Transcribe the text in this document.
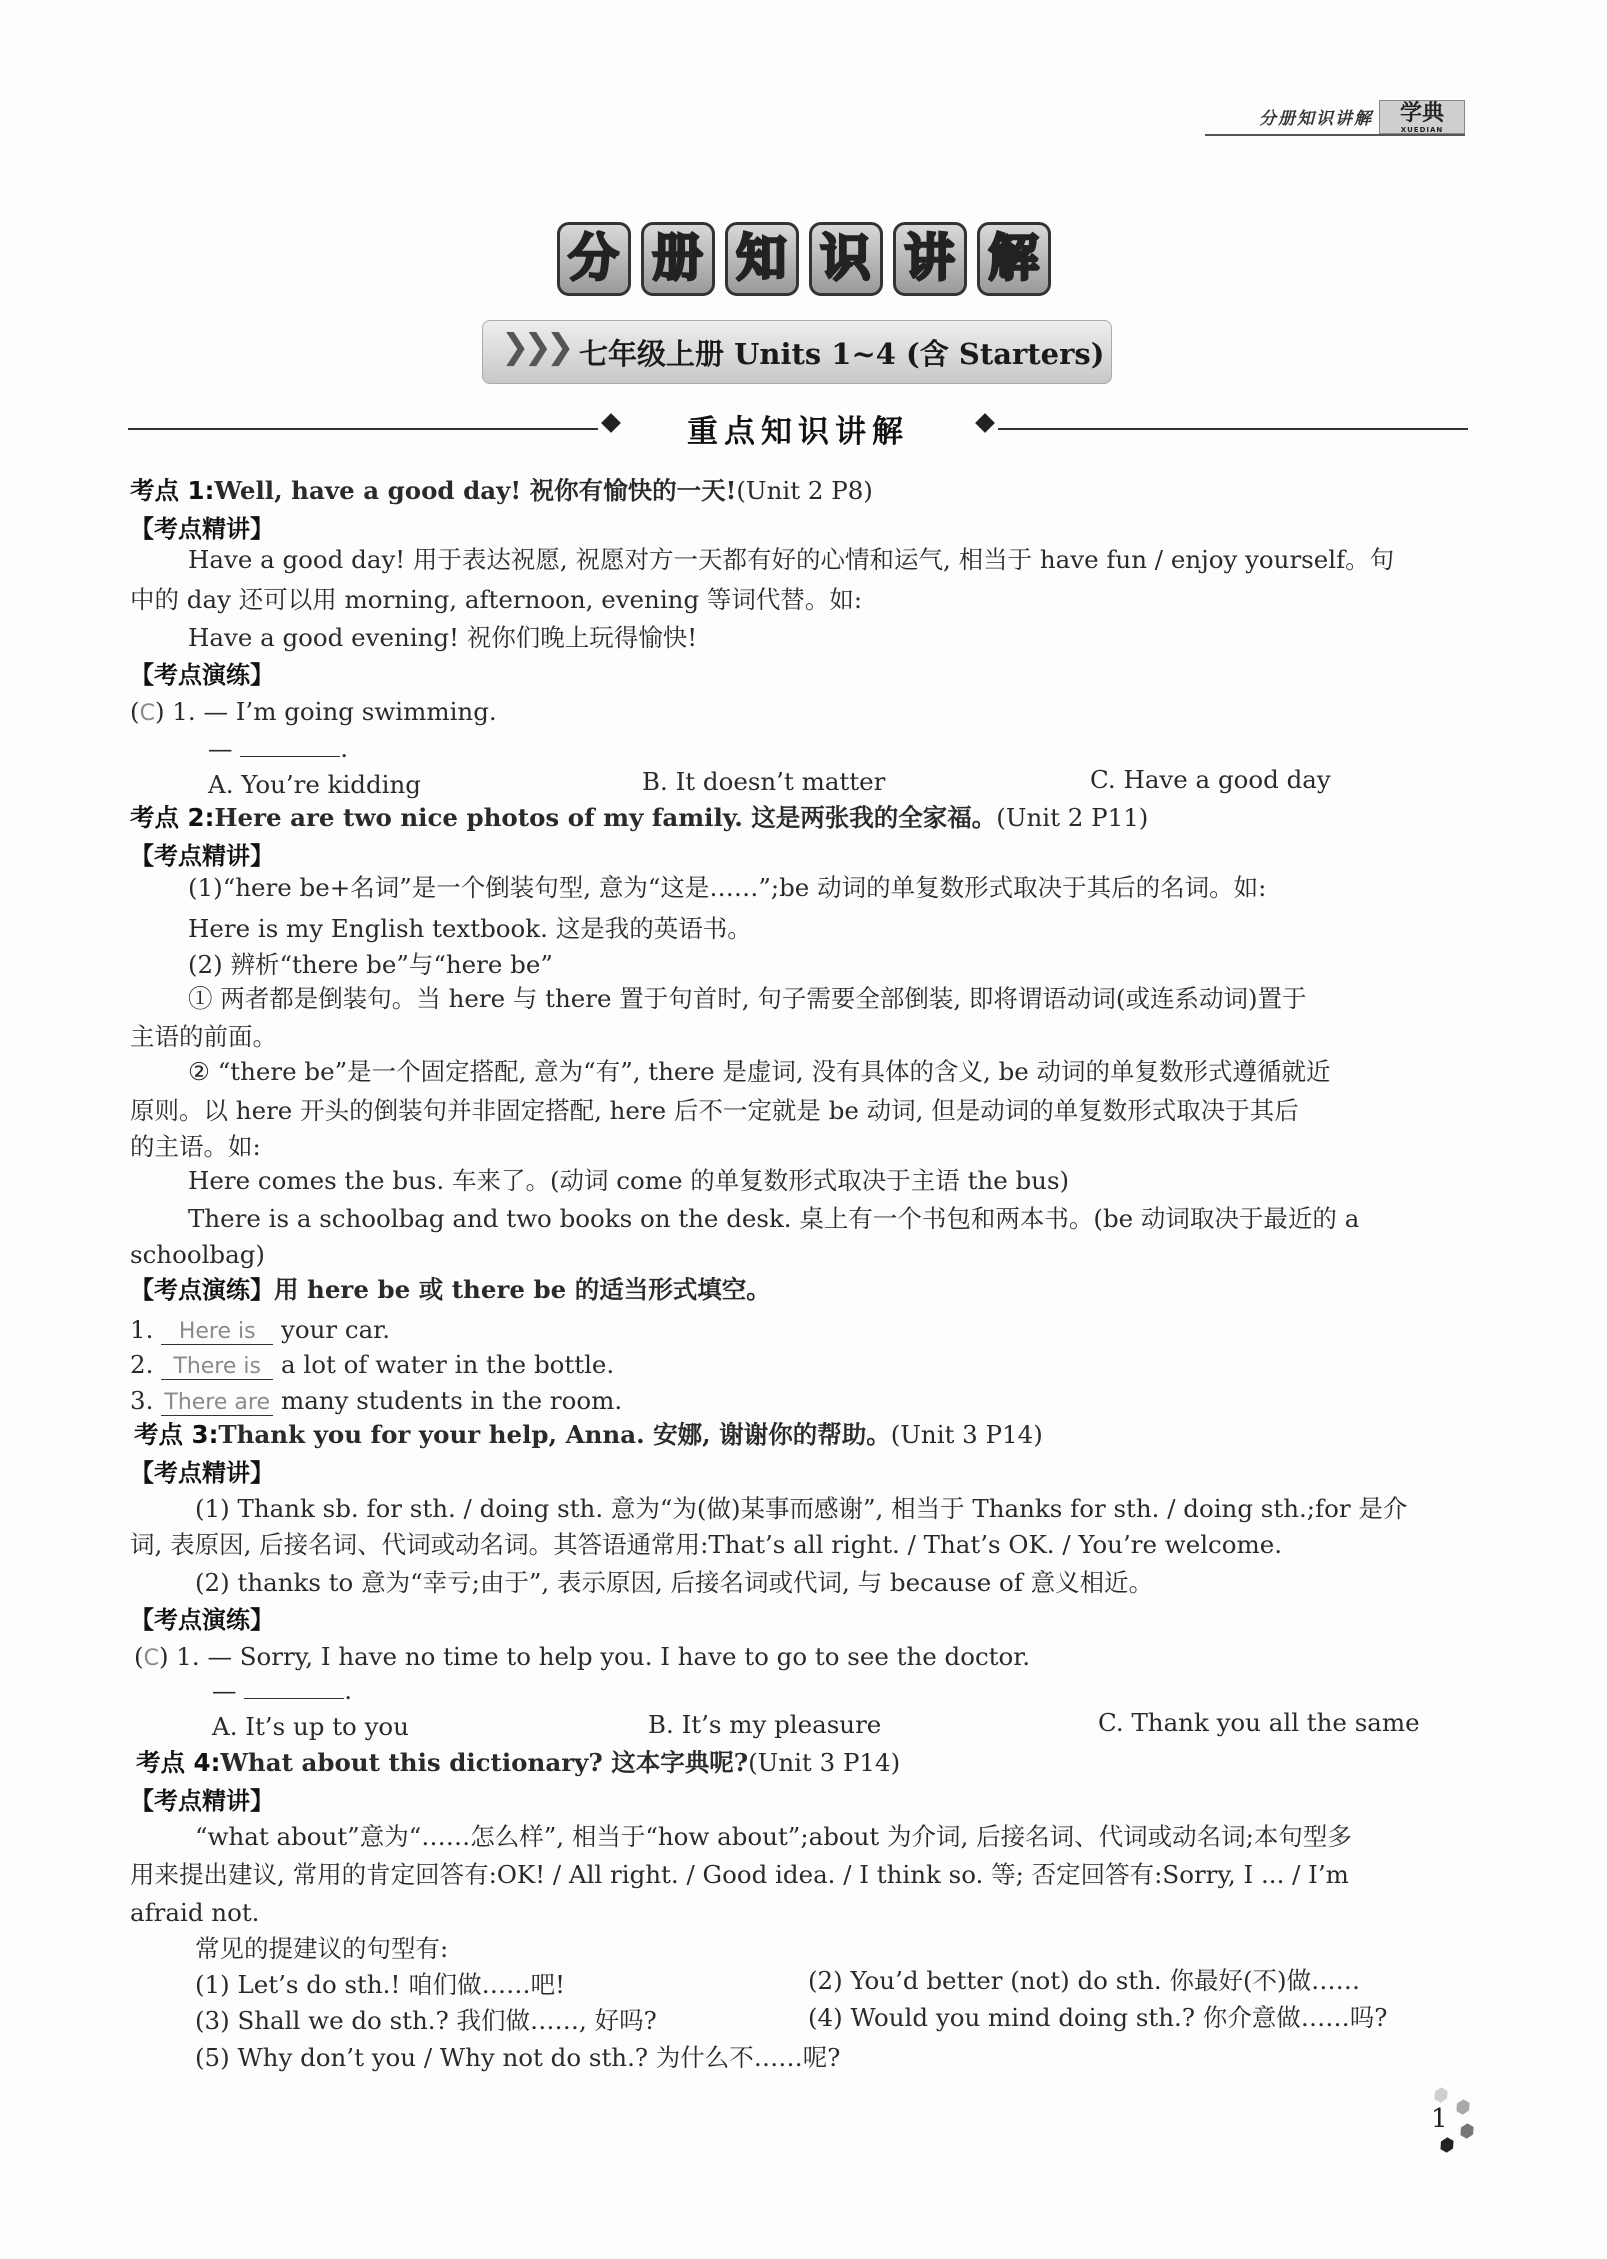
分册知识讲解	学典
XUEDIAN
分 册 知 识 讲 解
❯❯❯ 七年级上册 Units 1~4 (含 Starters)
重点知识讲解
考点 1:Well, have a good day! 祝你有愉快的一天!(Unit 2 P8)
【考点精讲】
Have a good day! 用于表达祝愿, 祝愿对方一天都有好的心情和运气, 相当于 have fun / enjoy yourself。句
中的 day 还可以用 morning, afternoon, evening 等词代替。如:
Have a good evening! 祝你们晚上玩得愉快!
【考点演练】
(C) 1. — I’m going swimming.
—	.
A. You’re kidding	B. It doesn’t matter	C. Have a good day
考点 2:Here are two nice photos of my family. 这是两张我的全家福。(Unit 2 P11)
【考点精讲】
(1)“here be+名词”是一个倒装句型, 意为“这是……”;be 动词的单复数形式取决于其后的名词。如:
Here is my English textbook. 这是我的英语书。
(2) 辨析“there be”与“here be”
① 两者都是倒装句。当 here 与 there 置于句首时, 句子需要全部倒装, 即将谓语动词(或连系动词)置于
主语的前面。
② “there be”是一个固定搭配, 意为“有”, there 是虚词, 没有具体的含义, be 动词的单复数形式遵循就近
原则。以 here 开头的倒装句并非固定搭配, here 后不一定就是 be 动词, 但是动词的单复数形式取决于其后
的主语。如:
Here comes the bus. 车来了。(动词 come 的单复数形式取决于主语 the bus)
There is a schoolbag and two books on the desk. 桌上有一个书包和两本书。(be 动词取决于最近的 a
schoolbag)
【考点演练】用 here be 或 there be 的适当形式填空。
1. Here is your car.
2. There is a lot of water in the bottle.
3. There are many students in the room.
考点 3:Thank you for your help, Anna. 安娜, 谢谢你的帮助。(Unit 3 P14)
【考点精讲】
(1) Thank sb. for sth. / doing sth. 意为“为(做)某事而感谢”, 相当于 Thanks for sth. / doing sth.;for 是介
词, 表原因, 后接名词、代词或动名词。其答语通常用:That’s all right. / That’s OK. / You’re welcome.
(2) thanks to 意为“幸亏;由于”, 表示原因, 后接名词或代词, 与 because of 意义相近。
【考点演练】
(C) 1. — Sorry, I have no time to help you. I have to go to see the doctor.
—	.
A. It’s up to you	B. It’s my pleasure	C. Thank you all the same
考点 4:What about this dictionary? 这本字典呢?(Unit 3 P14)
【考点精讲】
“what about”意为“……怎么样”, 相当于“how about”;about 为介词, 后接名词、代词或动名词;本句型多
用来提出建议, 常用的肯定回答有:OK! / All right. / Good idea. / I think so. 等; 否定回答有:Sorry, I ... / I’m
afraid not.
常见的提建议的句型有:
(1) Let’s do sth.! 咱们做……吧!	(2) You’d better (not) do sth. 你最好(不)做……
(3) Shall we do sth.? 我们做……, 好吗?	(4) Would you mind doing sth.? 你介意做……吗?
(5) Why don’t you / Why not do sth.? 为什么不……呢?
1
